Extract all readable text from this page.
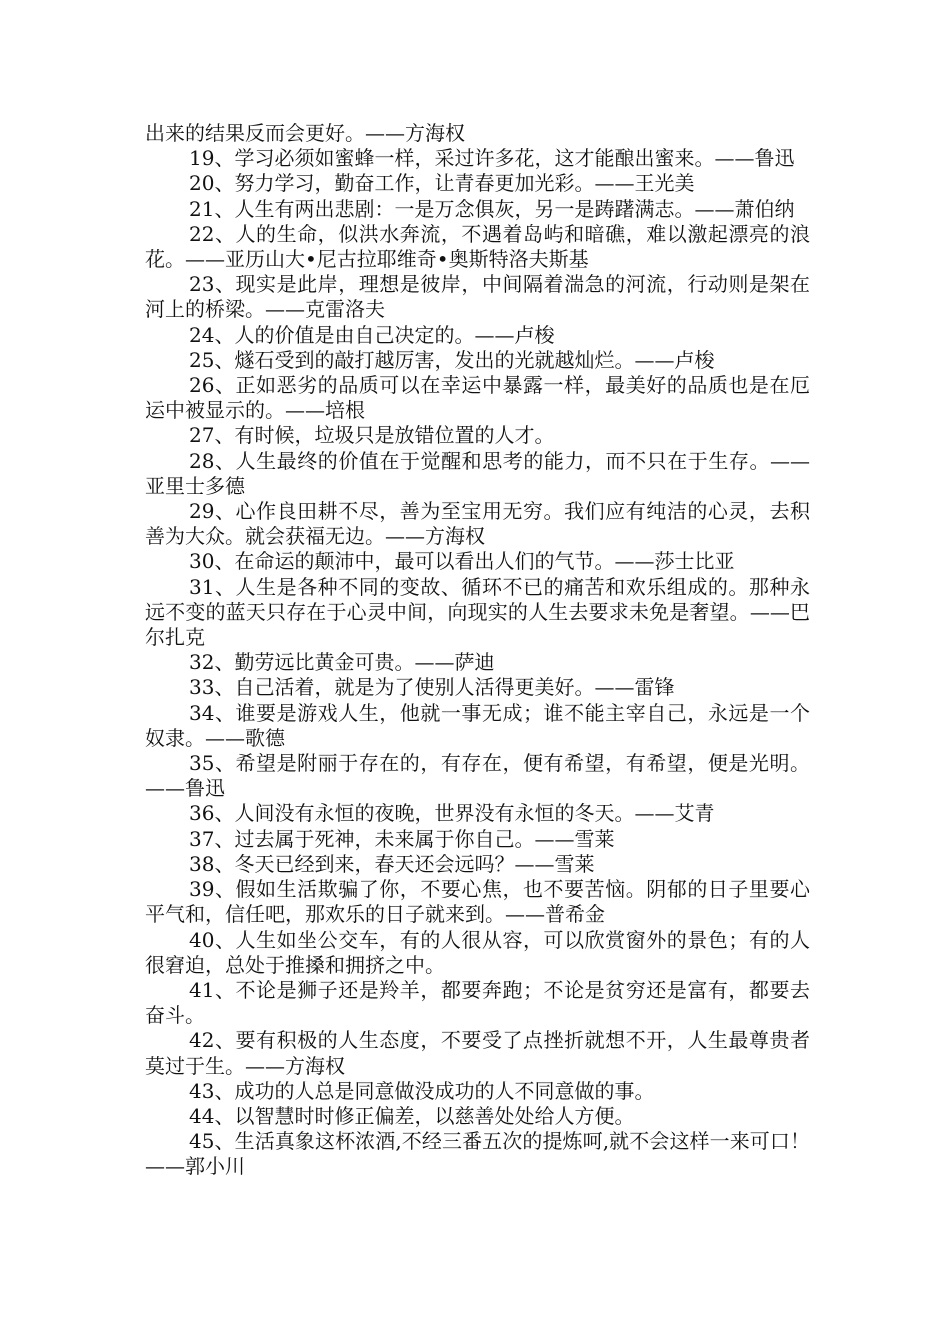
出来的结果反而会更好。——方海权

19、学习必须如蜜蜂一样，采过许多花，这才能酿出蜜来。——鲁迅

20、努力学习，勤奋工作，让青春更加光彩。——王光美

21、人生有两出悲剧：一是万念俱灰，另一是踌躇满志。——萧伯纳

22、人的生命，似洪水奔流，不遇着岛屿和暗礁，难以激起漂亮的浪花。——亚历山大•尼古拉耶维奇•奥斯特洛夫斯基

23、现实是此岸，理想是彼岸，中间隔着湍急的河流，行动则是架在河上的桥梁。——克雷洛夫

24、人的价值是由自己决定的。——卢梭

25、燧石受到的敲打越厉害，发出的光就越灿烂。——卢梭

26、正如恶劣的品质可以在幸运中暴露一样，最美好的品质也是在厄运中被显示的。——培根

27、有时候，垃圾只是放错位置的人才。

28、人生最终的价值在于觉醒和思考的能力，而不只在于生存。——亚里士多德

29、心作良田耕不尽，善为至宝用无穷。我们应有纯洁的心灵，去积善为大众。就会获福无边。——方海权

30、在命运的颠沛中，最可以看出人们的气节。——莎士比亚

31、人生是各种不同的变故、循环不已的痛苦和欢乐组成的。那种永远不变的蓝天只存在于心灵中间，向现实的人生去要求未免是奢望。——巴尔扎克

32、勤劳远比黄金可贵。——萨迪

33、自己活着，就是为了使别人活得更美好。——雷锋

34、谁要是游戏人生，他就一事无成；谁不能主宰自己，永远是一个奴隶。——歌德

35、希望是附丽于存在的，有存在，便有希望，有希望，便是光明。——鲁迅

36、人间没有永恒的夜晚，世界没有永恒的冬天。——艾青

37、过去属于死神，未来属于你自己。——雪莱

38、冬天已经到来，春天还会远吗？——雪莱

39、假如生活欺骗了你，不要心焦，也不要苦恼。阴郁的日子里要心平气和，信任吧，那欢乐的日子就来到。——普希金

40、人生如坐公交车，有的人很从容，可以欣赏窗外的景色；有的人很窘迫，总处于推搡和拥挤之中。

41、不论是狮子还是羚羊，都要奔跑；不论是贫穷还是富有，都要去奋斗。

42、要有积极的人生态度，不要受了点挫折就想不开，人生最尊贵者莫过于生。——方海权

43、成功的人总是同意做没成功的人不同意做的事。

44、以智慧时时修正偏差，以慈善处处给人方便。

45、生活真象这杯浓酒,不经三番五次的提炼呵,就不会这样一来可口！——郭小川
